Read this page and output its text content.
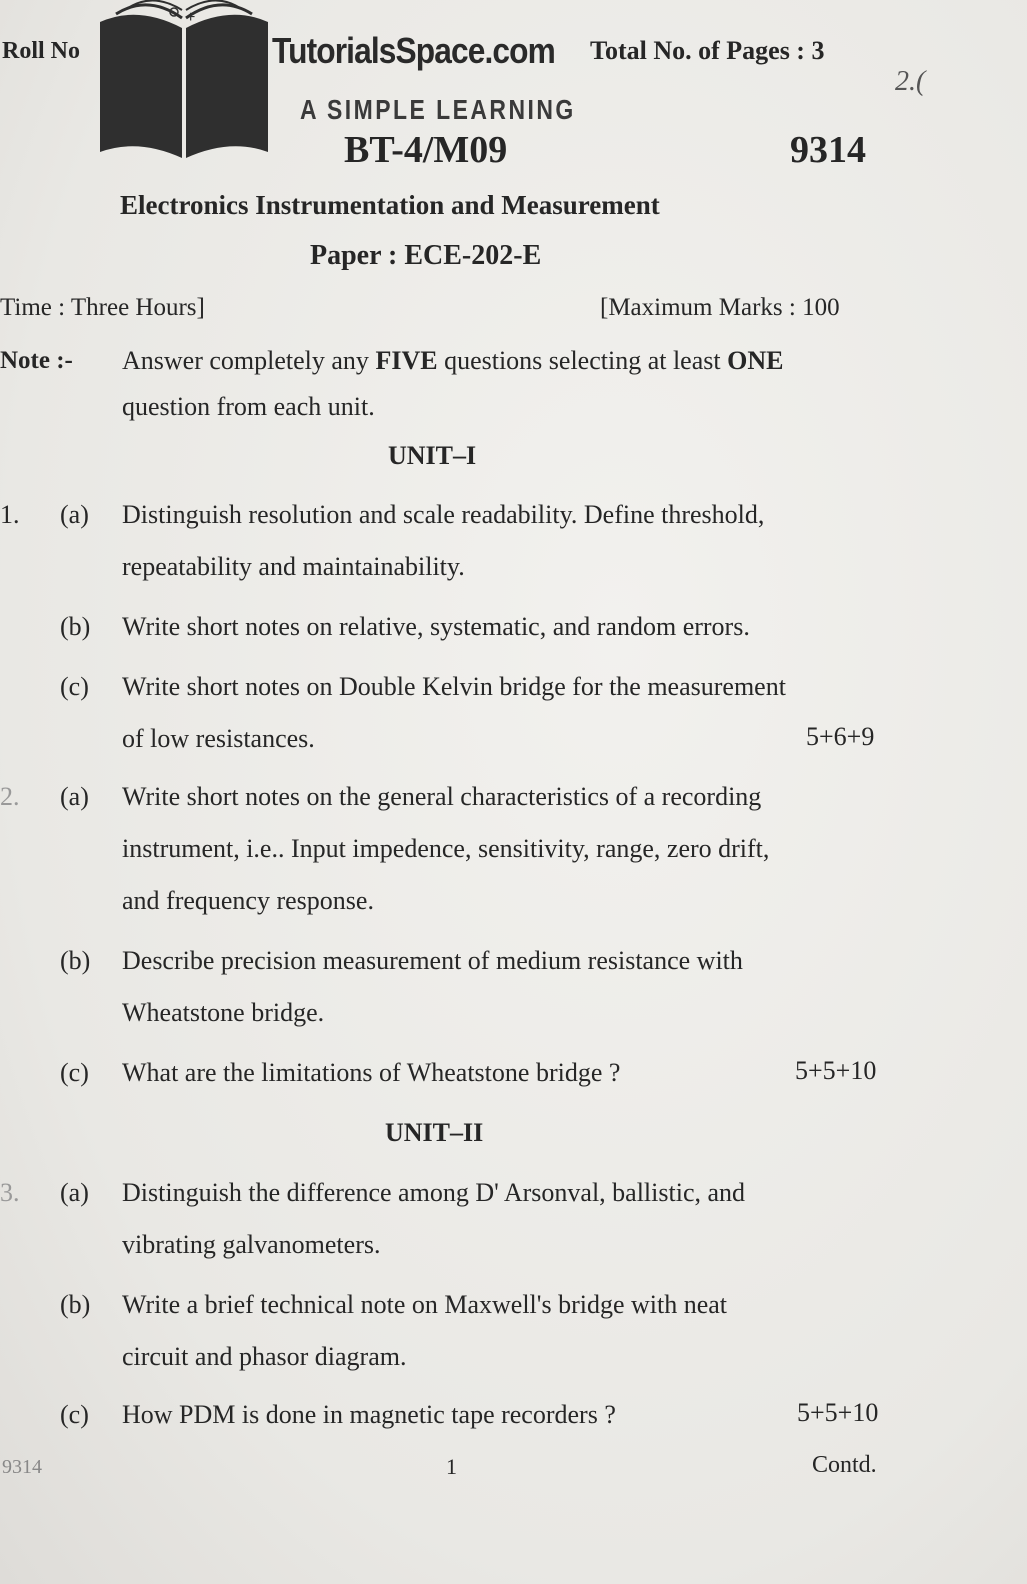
+
TutorialsSpace.com
A SIMPLE LEARNING
Roll No	Total No. of Pages : 3
2.(
BT-4/M09	9314
Electronics Instrumentation and Measurement
Paper : ECE-202-E
Time : Three Hours]	[Maximum Marks : 100
Note :- Answer completely any FIVE questions selecting at least ONE
question from each unit.
UNIT–I
1. (a) Distinguish resolution and scale readability. Define threshold,
repeatability and maintainability.
(b) Write short notes on relative, systematic, and random errors.
(c) Write short notes on Double Kelvin bridge for the measurement
of low resistances.	5+6+9
2. (a) Write short notes on the general characteristics of a recording
instrument, i.e.. Input impedence, sensitivity, range, zero drift,
and frequency response.
(b) Describe precision measurement of medium resistance with
Wheatstone bridge.
(c) What are the limitations of Wheatstone bridge ?	5+5+10
UNIT–II
3. (a) Distinguish the difference among D' Arsonval, ballistic, and
vibrating galvanometers.
(b) Write a brief technical note on Maxwell's bridge with neat
circuit and phasor diagram.
(c) How PDM is done in magnetic tape recorders ?	5+5+10
9314	1	Contd.
